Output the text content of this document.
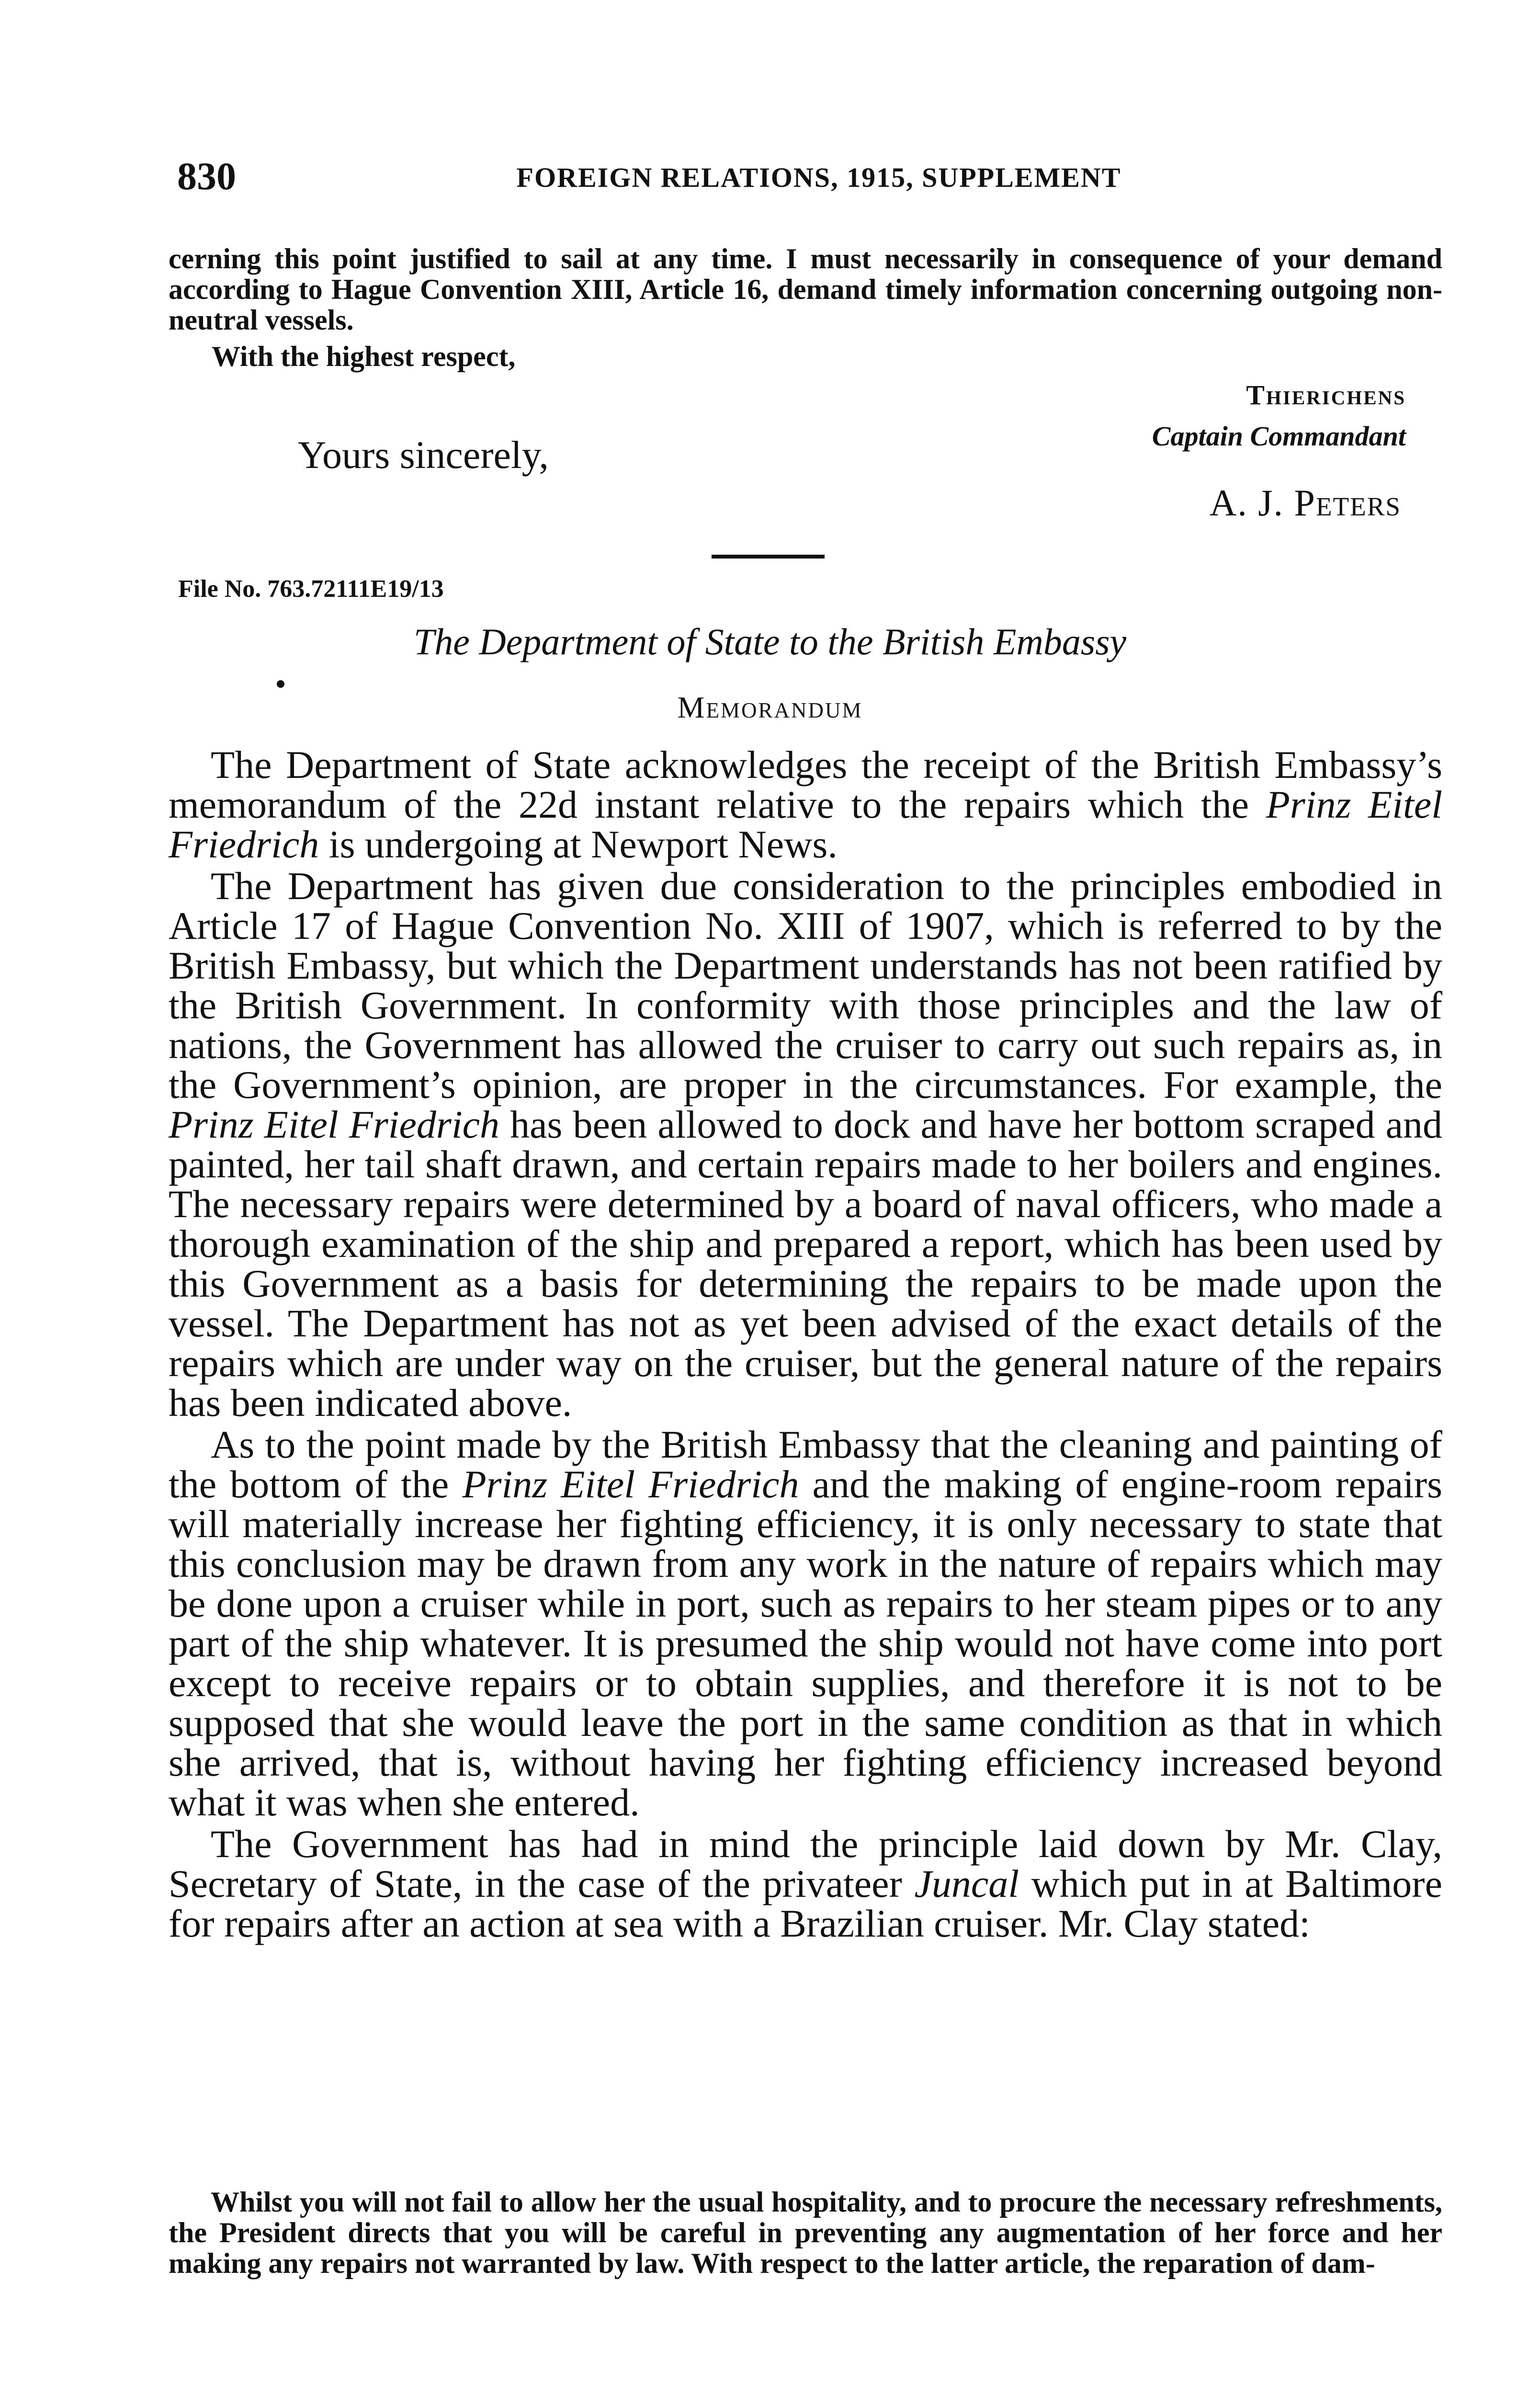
830	FOREIGN RELATIONS, 1915, SUPPLEMENT

cerning this point justified to sail at any time. I must necessarily in consequence of your demand according to Hague Convention XIII, Article 16, demand timely information concerning outgoing non-neutral vessels.

With the highest respect,
Thierichens
Captain Commandant
Yours sincerely,
A. J. Peters
File No. 763.72111E19/13
The Department of State to the British Embassy
Memorandum

The Department of State acknowledges the receipt of the British Embassy’s memorandum of the 22d instant relative to the repairs which the Prinz Eitel Friedrich is undergoing at Newport News.

The Department has given due consideration to the principles embodied in Article 17 of Hague Convention No. XIII of 1907, which is referred to by the British Embassy, but which the Department understands has not been ratified by the British Government. In conformity with those principles and the law of nations, the Government has allowed the cruiser to carry out such repairs as, in the Government’s opinion, are proper in the circumstances. For example, the Prinz Eitel Friedrich has been allowed to dock and have her bottom scraped and painted, her tail shaft drawn, and certain repairs made to her boilers and engines. The necessary repairs were determined by a board of naval officers, who made a thorough examination of the ship and prepared a report, which has been used by this Government as a basis for determining the repairs to be made upon the vessel. The Department has not as yet been advised of the exact details of the repairs which are under way on the cruiser, but the general nature of the repairs has been indicated above.

As to the point made by the British Embassy that the cleaning and painting of the bottom of the Prinz Eitel Friedrich and the making of engine-room repairs will materially increase her fighting efficiency, it is only necessary to state that this conclusion may be drawn from any work in the nature of repairs which may be done upon a cruiser while in port, such as repairs to her steam pipes or to any part of the ship whatever. It is presumed the ship would not have come into port except to receive repairs or to obtain supplies, and therefore it is not to be supposed that she would leave the port in the same condition as that in which she arrived, that is, without having her fighting efficiency increased beyond what it was when she entered.

The Government has had in mind the principle laid down by Mr. Clay, Secretary of State, in the case of the privateer Juncal which put in at Baltimore for repairs after an action at sea with a Brazilian cruiser. Mr. Clay stated:

Whilst you will not fail to allow her the usual hospitality, and to procure the necessary refreshments, the President directs that you will be careful in preventing any augmentation of her force and her making any repairs not warranted by law. With respect to the latter article, the reparation of dam-
